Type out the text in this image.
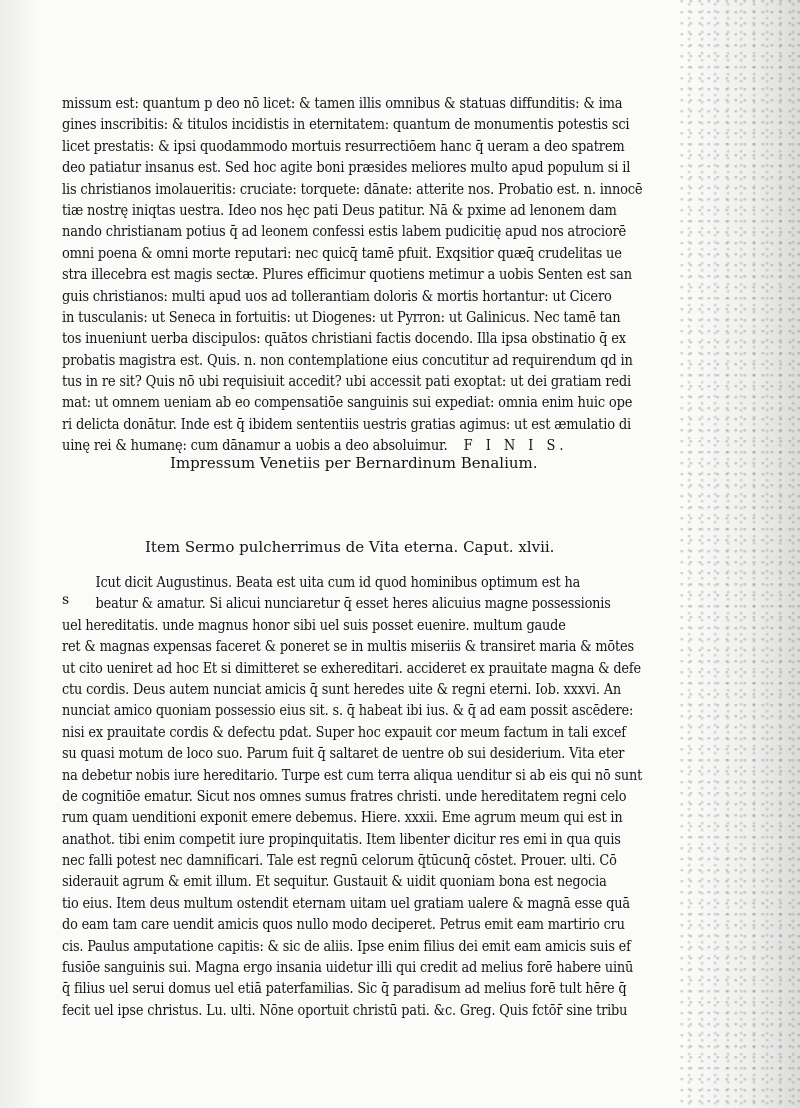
missum est: quantum p deo nō licet: & tamen illis omnibus & statuas diffunditis: & ima
gines inscribitis: & titulos incidistis in eternitatem: quantum de monumentis potestis sci
licet prestatis: & ipsi quodammodo mortuis resurrectiōem hanc q̄ ueram a deo spatrem
deo patiatur insanus est. Sed hoc agite boni præsides meliores multo apud populum si il
lis christianos imolaueritis: cruciate: torquete: dānate: atterite nos. Probatio est. n. innocē
tiæ nostrę iniqtas uestra. Ideo nos hęc pati Deus patitur. Nā & pxime ad lenonem dam
nando christianam potius q̄ ad leonem confessi estis labem pudicitię apud nos atrociorē
omni poena & omni morte reputari: nec quicq̄ tamē pfuit. Exqsitior quæq̄ crudelitas ue
stra illecebra est magis sectæ. Plures efficimur quotiens metimur a uobis Senten est san
guis christianos: multi apud uos ad tollerantiam doloris & mortis hortantur: ut Cicero
in tusculanis: ut Seneca in fortuitis: ut Diogenes: ut Pyrron: ut Galinicus. Nec tamē tan
tos inueniunt uerba discipulos: quātos christiani factis docendo. Illa ipsa obstinatio q̄ ex
probatis magistra est. Quis. n. non contemplatione eius concutitur ad requirendum qd in
tus in re sit? Quis nō ubi requisiuit accedit? ubi accessit pati exoptat: ut dei gratiam redi
mat: ut omnem ueniam ab eo compensatiōe sanguinis sui expediat: omnia enim huic ope
ri delicta donātur. Inde est q̄ ibidem sententiis uestris gratias agimus: ut est æmulatio di
uinę rei & humanę: cum dānamur a uobis a deo absoluimur. F I N I S.
Impressum Venetiis per Bernardinum Benalium.
Item Sermo pulcherrimus de Vita eterna. Caput. xlvii.
s
Icut dicit Augustinus. Beata est uita cum id quod hominibus optimum est ha
beatur & amatur. Si alicui nunciaretur q̄ esset heres alicuius magne possessionis
uel hereditatis. unde magnus honor sibi uel suis posset euenire. multum gaude
ret & magnas expensas faceret & poneret se in multis miseriis & transiret maria & mōtes
ut cito ueniret ad hoc Et si dimitteret se exhereditari. accideret ex prauitate magna & defe
ctu cordis. Deus autem nunciat amicis q̄ sunt heredes uite & regni eterni. Iob. xxxvi. An
nunciat amico quoniam possessio eius sit. s. q̄ habeat ibi ius. & q̄ ad eam possit ascēdere:
nisi ex prauitate cordis & defectu pdat. Super hoc expauit cor meum factum in tali excef
su quasi motum de loco suo. Parum fuit q̄ saltaret de uentre ob sui desiderium. Vita eter
na debetur nobis iure hereditario. Turpe est cum terra aliqua uenditur si ab eis qui nō sunt
de cognitiōe ematur. Sicut nos omnes sumus fratres christi. unde hereditatem regni celo
rum quam uenditioni exponit emere debemus. Hiere. xxxii. Eme agrum meum qui est in
anathot. tibi enim competit iure propinquitatis. Item libenter dicitur res emi in qua quis
nec falli potest nec damnificari. Tale est regnū celorum q̄tūcunq̄ cōstet. Prouer. ulti. Cō
siderauit agrum & emit illum. Et sequitur. Gustauit & uidit quoniam bona est negocia
tio eius. Item deus multum ostendit eternam uitam uel gratiam ualere & magnā esse quā
do eam tam care uendit amicis quos nullo modo deciperet. Petrus emit eam martirio cru
cis. Paulus amputatione capitis: & sic de aliis. Ipse enim filius dei emit eam amicis suis ef
fusiōe sanguinis sui. Magna ergo insania uidetur illi qui credit ad melius forē habere uinū
q̄ filius uel serui domus uel etiā paterfamilias. Sic q̄ paradisum ad melius forē tult hēre q̄
fecit uel ipse christus. Lu. ulti. Nōne oportuit christū pati. &c. Greg. Quis fctōr̄ sine tribu
